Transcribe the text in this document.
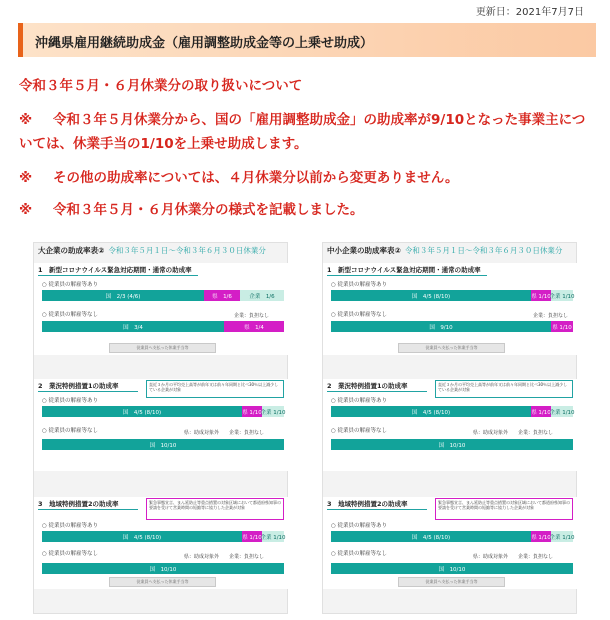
更新日：2021年7月7日
沖縄県雇用継続助成金（雇用調整助成金等の上乗せ助成）
令和３年５月・６月休業分の取り扱いについて
※ 令和３年５月休業分から、国の「雇用調整助成金」の助成率が9/10となった事業主については、休業手当の1/10を上乗せ助成します。
※ その他の助成率については、４月休業分以前から変更ありません。
※ 令和３年５月・６月休業分の様式を記載しました。
大企業の助成率表② 令和３年５月１日～令和３年６月３０日休業分
1　新型コロナウイルス緊急対応期間・通常の助成率
○ 従業員の解雇等あり
国　2/3 (4/6)	県　1/6	企業　1/6
○ 従業員の解雇等なし	企業：負担なし
国　3/4	県　1/4
従業員へ支払った休業手当等
2　業況特例措置1の助成率	直近３か月の平均売上高等が前年又は前々年同期と比べ30％以上減少している企業が対象
○ 従業員の解雇等あり
国　4/5 (8/10)	県 1/10
企業 1/10
○ 従業員の解雇等なし	県：助成対象外　　企業：負担なし
国　10/10
3　地域特例措置2の助成率	緊急事態宣言、まん延防止等重点措置の対象区域において都道府県知事の要請を受けて営業時間の短縮等に協力した企業が対象
○ 従業員の解雇等あり
国　4/5 (8/10)	県 1/10
企業 1/10
○ 従業員の解雇等なし	県：助成対象外　　企業：負担なし
国　10/10
従業員へ支払った休業手当等
中小企業の助成率表② 令和３年５月１日～令和３年６月３０日休業分
1　新型コロナウイルス緊急対応期間・通常の助成率
○ 従業員の解雇等あり
国　4/5 (8/10)	県 1/10
企業 1/10
○ 従業員の解雇等なし	企業：負担なし
国　9/10	県 1/10
従業員へ支払った休業手当等
2　業況特例措置1の助成率	直近３か月の平均売上高等が前年又は前々年同期と比べ30％以上減少している企業が対象
○ 従業員の解雇等あり
国　4/5 (8/10)	県 1/10
企業 1/10
○ 従業員の解雇等なし	県：助成対象外　　企業：負担なし
国　10/10
3　地域特例措置2の助成率	緊急事態宣言、まん延防止等重点措置の対象区域において都道府県知事の要請を受けて営業時間の短縮等に協力した企業が対象
○ 従業員の解雇等あり
国　4/5 (8/10)	県 1/10
企業 1/10
○ 従業員の解雇等なし	県：助成対象外　　企業：負担なし
国　10/10
従業員へ支払った休業手当等
